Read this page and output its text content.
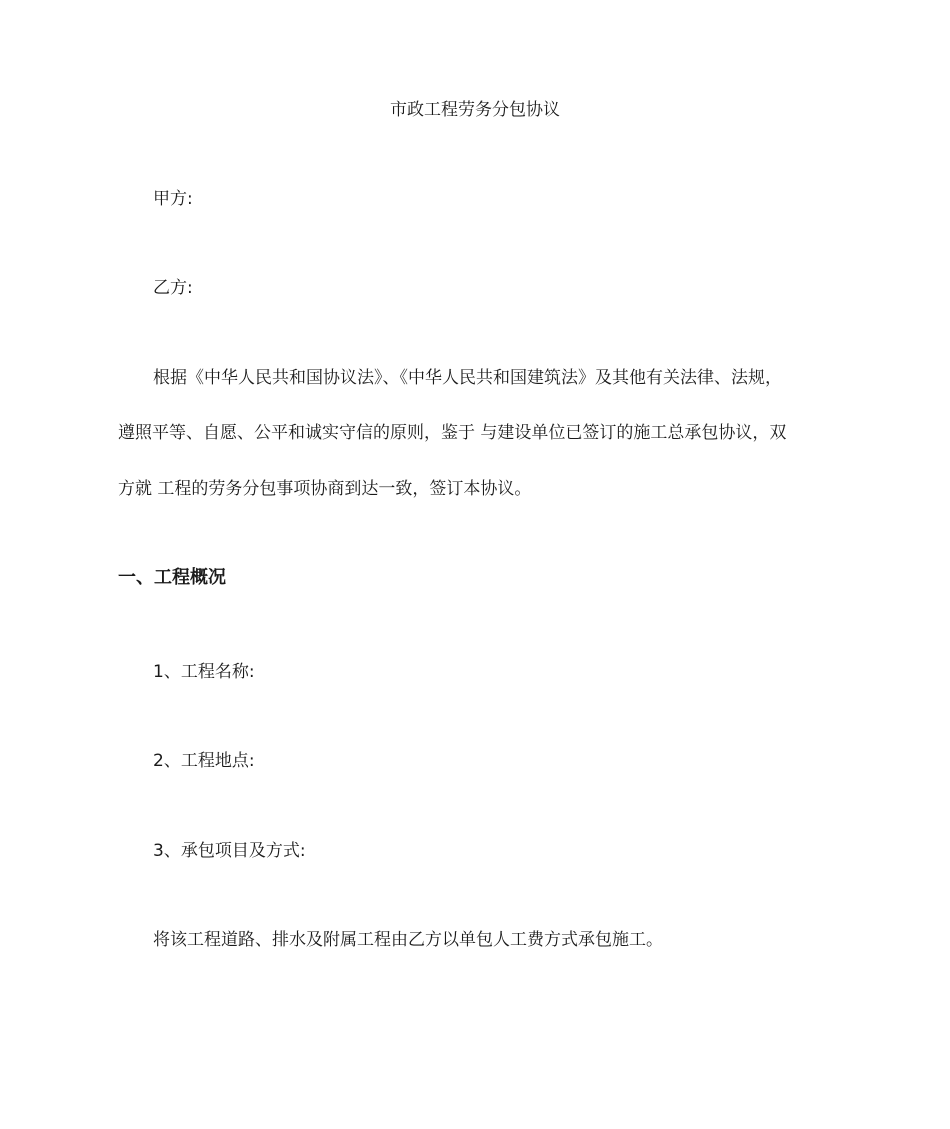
市政工程劳务分包协议
甲方:
乙方:
根据《中华人民共和国协议法》、《中华人民共和国建筑法》及其他有关法律、法规，
遵照平等、自愿、公平和诚实守信的原则，鉴于 与建设单位已签订的施工总承包协议，双
方就 工程的劳务分包事项协商到达一致，签订本协议。
一、工程概况
1、工程名称:
2、工程地点:
3、承包项目及方式:
将该工程道路、排水及附属工程由乙方以单包人工费方式承包施工。
